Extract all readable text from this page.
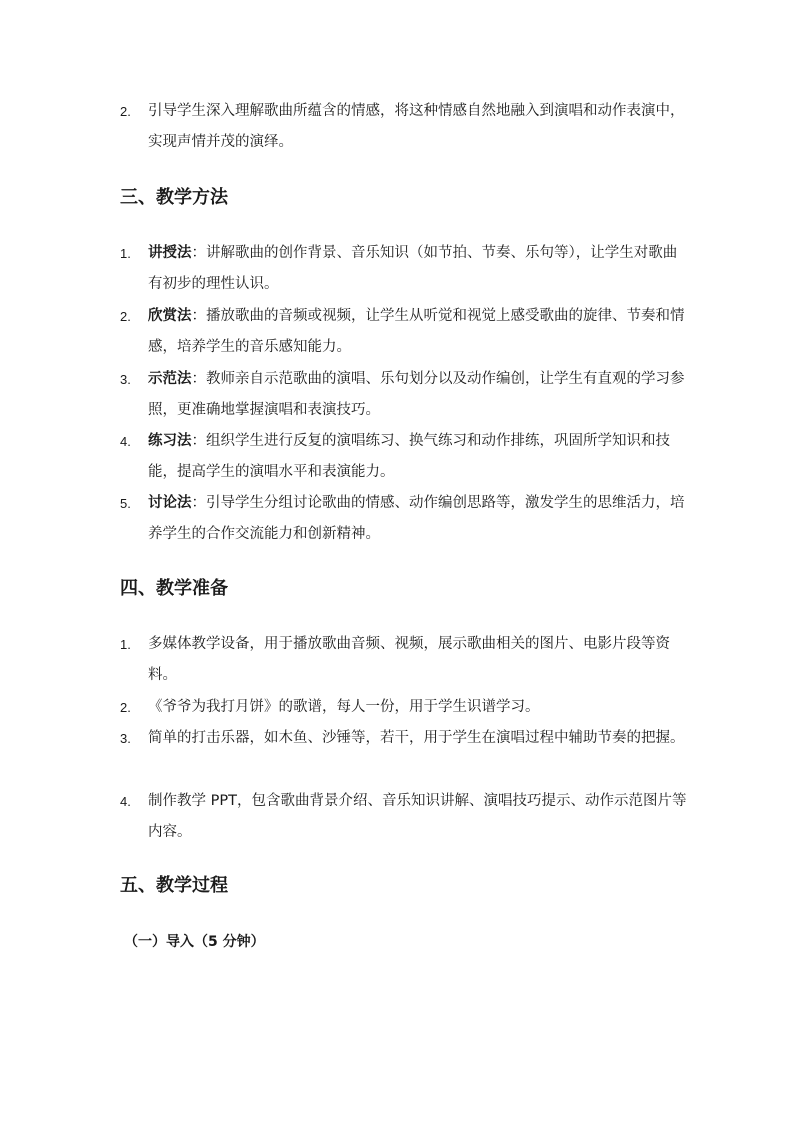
2.	引导学生深入理解歌曲所蕴含的情感，将这种情感自然地融入到演唱和动作表演中，实现声情并茂的演绎。
三、教学方法
1.	讲授法：讲解歌曲的创作背景、音乐知识（如节拍、节奏、乐句等），让学生对歌曲有初步的理性认识。
2.	欣赏法：播放歌曲的音频或视频，让学生从听觉和视觉上感受歌曲的旋律、节奏和情感，培养学生的音乐感知能力。
3.	示范法：教师亲自示范歌曲的演唱、乐句划分以及动作编创，让学生有直观的学习参照，更准确地掌握演唱和表演技巧。
4.	练习法：组织学生进行反复的演唱练习、换气练习和动作排练，巩固所学知识和技能，提高学生的演唱水平和表演能力。
5.	讨论法：引导学生分组讨论歌曲的情感、动作编创思路等，激发学生的思维活力，培养学生的合作交流能力和创新精神。
四、教学准备
1.	多媒体教学设备，用于播放歌曲音频、视频，展示歌曲相关的图片、电影片段等资料。
2.	《爷爷为我打月饼》的歌谱，每人一份，用于学生识谱学习。
3.	简单的打击乐器，如木鱼、沙锤等，若干，用于学生在演唱过程中辅助节奏的把握。
4.	制作教学 PPT，包含歌曲背景介绍、音乐知识讲解、演唱技巧提示、动作示范图片等内容。
五、教学过程
（一）导入（5 分钟）
